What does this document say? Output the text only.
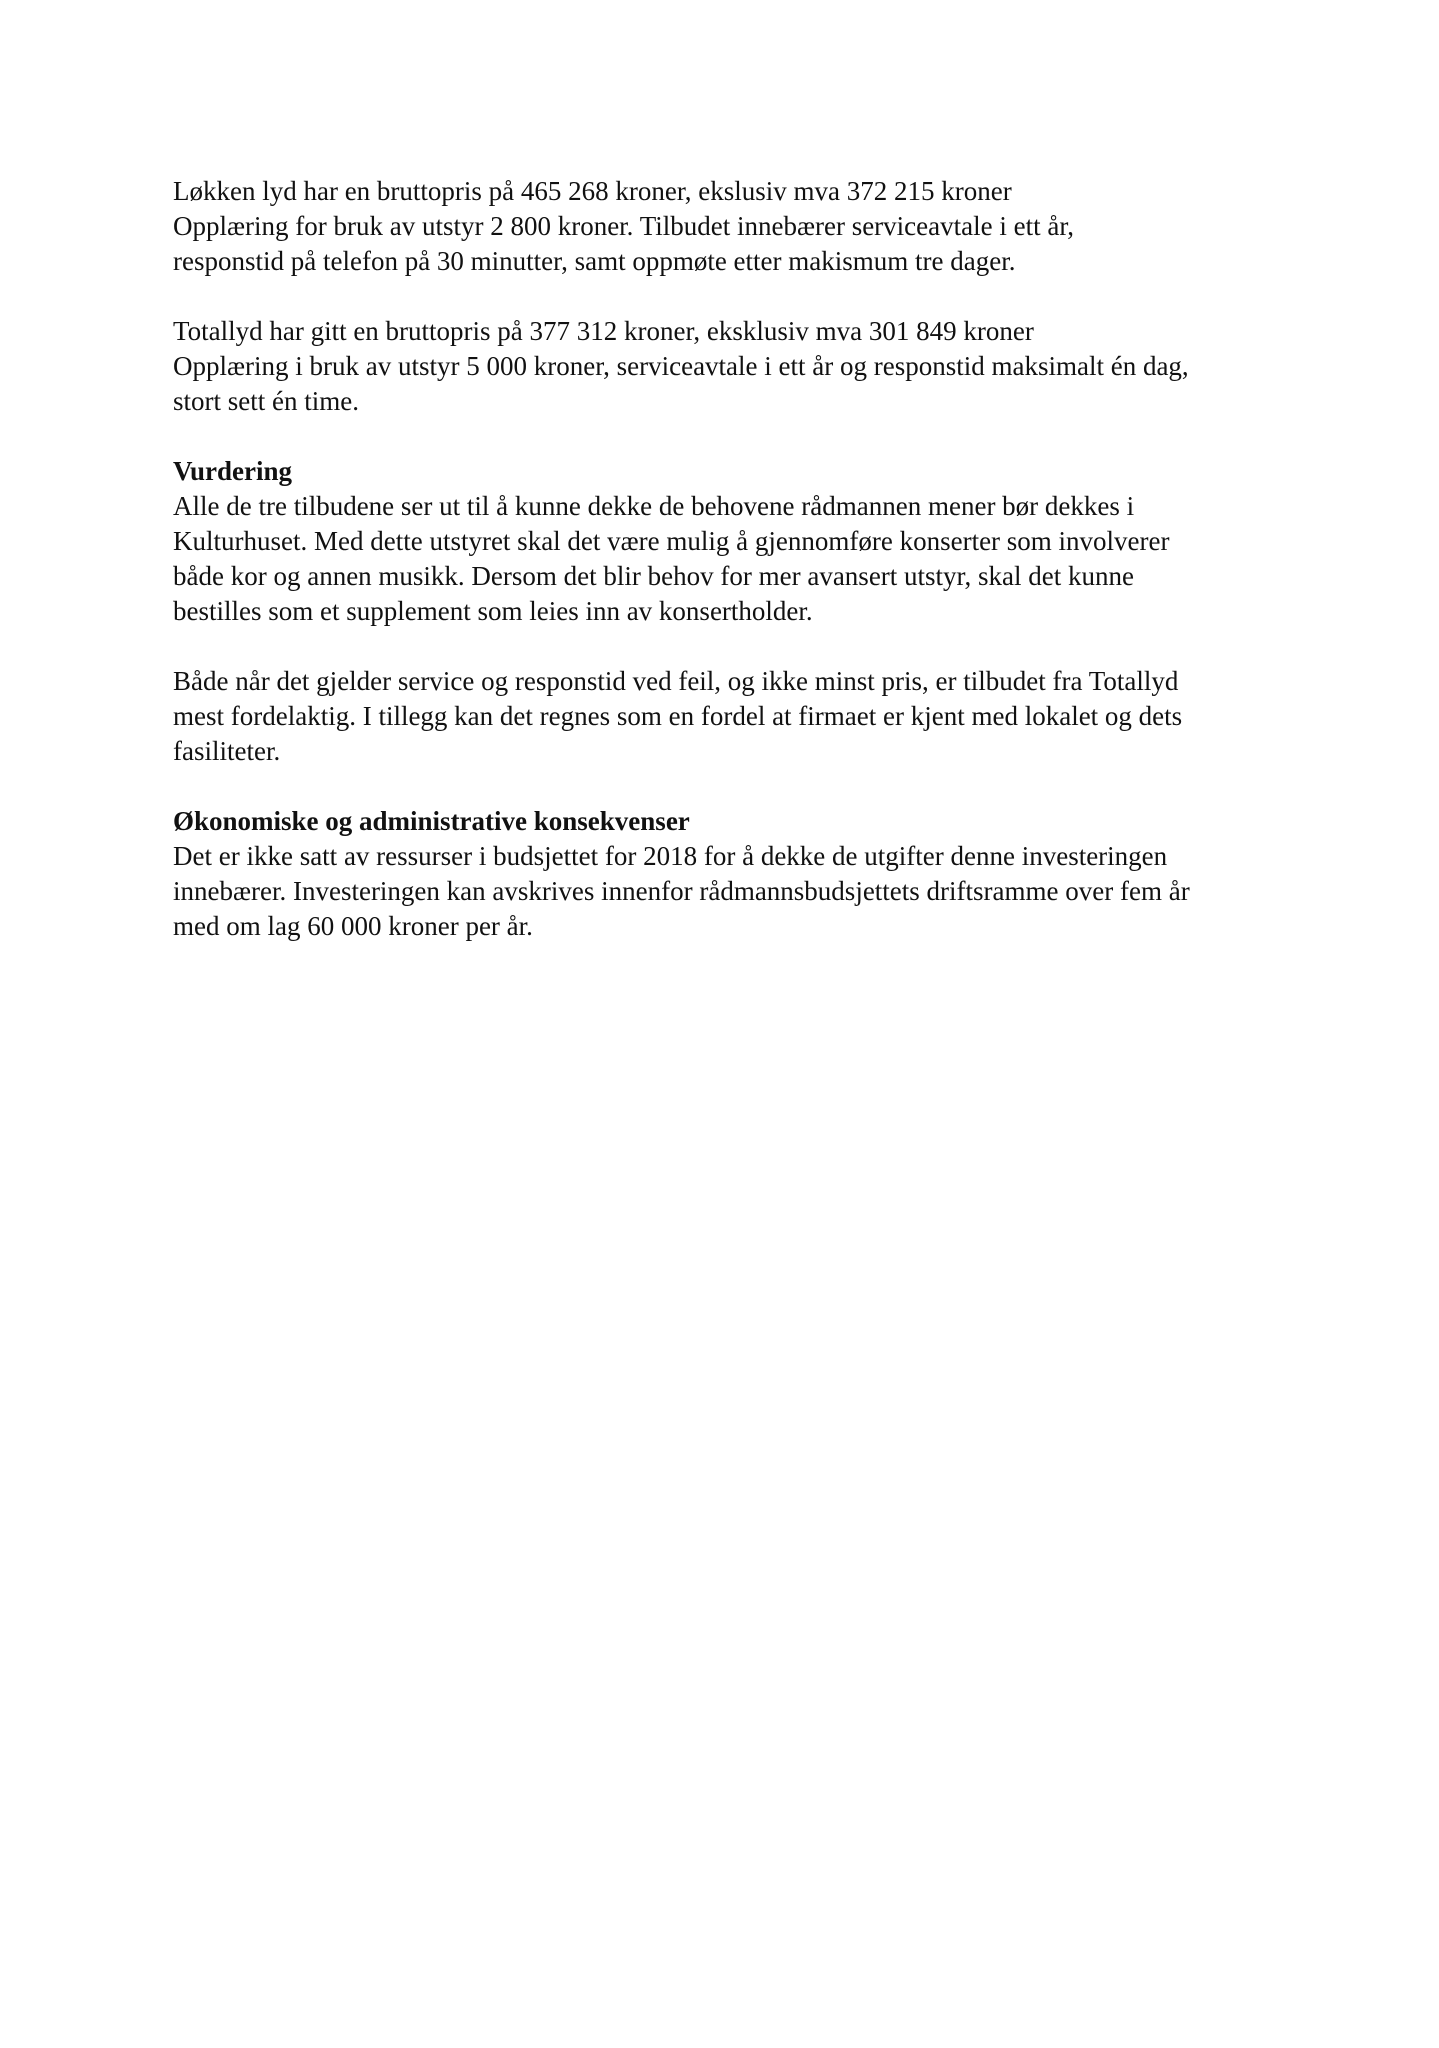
Løkken lyd har en bruttopris på 465 268 kroner, ekslusiv mva 372 215 kroner
Opplæring for bruk av utstyr 2 800 kroner. Tilbudet innebærer serviceavtale i ett år,
responstid på telefon på 30 minutter, samt oppmøte etter makismum tre dager.
Totallyd har gitt en bruttopris på 377 312 kroner, eksklusiv mva 301 849 kroner
Opplæring i bruk av utstyr 5 000 kroner, serviceavtale i ett år og responstid maksimalt én dag,
stort sett én time.
Vurdering
Alle de tre tilbudene ser ut til å kunne dekke de behovene rådmannen mener bør dekkes i
Kulturhuset. Med dette utstyret skal det være mulig å gjennomføre konserter som involverer
både kor og annen musikk. Dersom det blir behov for mer avansert utstyr, skal det kunne
bestilles som et supplement som leies inn av konsertholder.
Både når det gjelder service og responstid ved feil, og ikke minst pris, er tilbudet fra Totallyd
mest fordelaktig. I tillegg kan det regnes som en fordel at firmaet er kjent med lokalet og dets
fasiliteter.
Økonomiske og administrative konsekvenser
Det er ikke satt av ressurser i budsjettet for 2018 for å dekke de utgifter denne investeringen
innebærer. Investeringen kan avskrives innenfor rådmannsbudsjettets driftsramme over fem år
med om lag 60 000 kroner per år.
